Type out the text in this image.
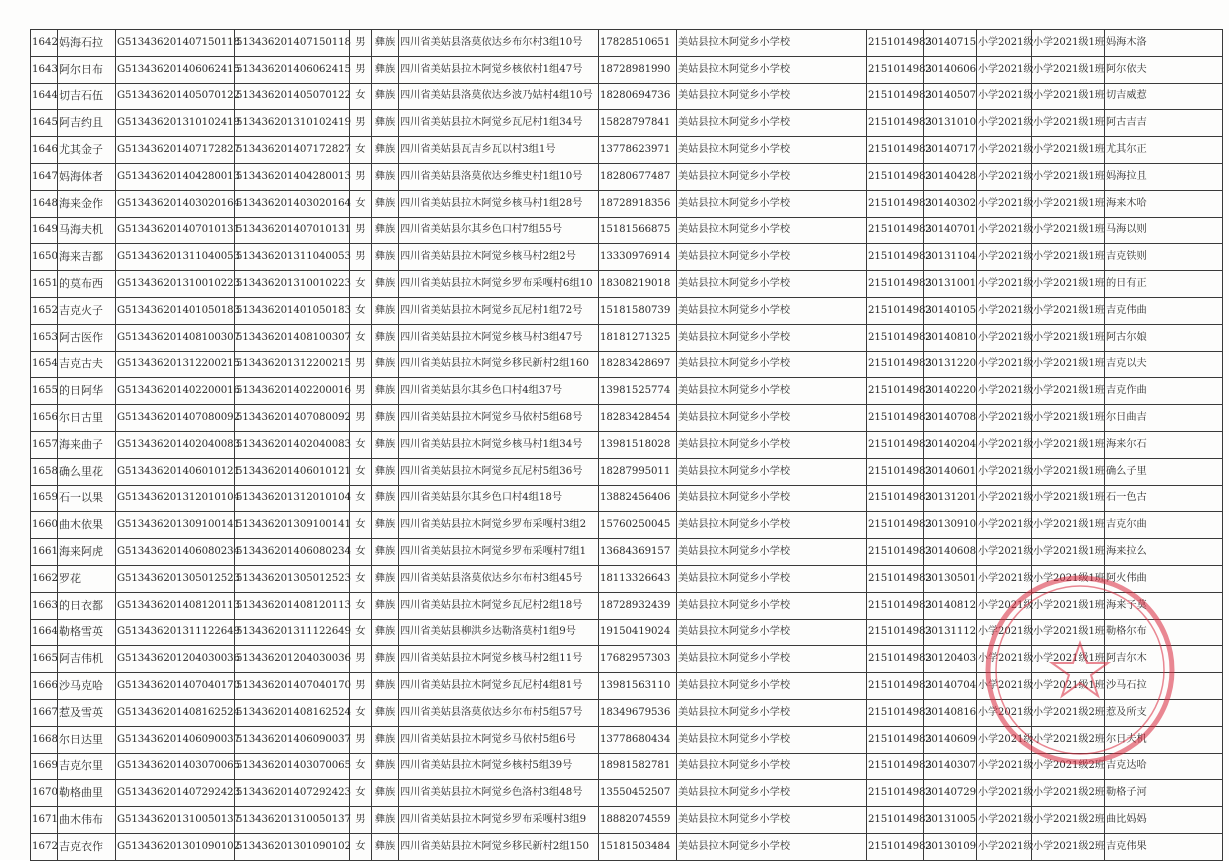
1642	妈海石拉	G513436201407150118	513436201407150118	男	彝族	四川省美姑县洛莫依达乡布尔村3组10号	17828510651	美姑县拉木阿觉乡小学校	2151014983	20140715	小学2021级	小学2021级1班	妈海木洛
1643	阿尔日布	G513436201406062415	513436201406062415	男	彝族	四川省美姑县拉木阿觉乡核依村1组47号	18728981990	美姑县拉木阿觉乡小学校	2151014983	20140606	小学2021级	小学2021级1班	阿尔依夫
1644	切吉石伍	G513436201405070122	513436201405070122	女	彝族	四川省美姑县洛莫依达乡波乃姑村4组10号	18280694736	美姑县拉木阿觉乡小学校	2151014983	20140507	小学2021级	小学2021级1班	切吉威惹
1645	阿吉约且	G513436201310102419	513436201310102419	男	彝族	四川省美姑县拉木阿觉乡瓦尼村1组34号	15828797841	美姑县拉木阿觉乡小学校	2151014983	20131010	小学2021级	小学2021级1班	阿古吉吉
1646	尤其金子	G513436201407172827	513436201407172827	女	彝族	四川省美姑县瓦吉乡瓦以村3组1号	13778623971	美姑县拉木阿觉乡小学校	2151014983	20140717	小学2021级	小学2021级1班	尤其尔正
1647	妈海体者	G513436201404280013	513436201404280013	男	彝族	四川省美姑县洛莫依达乡维史村1组10号	18280677487	美姑县拉木阿觉乡小学校	2151014983	20140428	小学2021级	小学2021级1班	妈海拉且
1648	海来金作	G513436201403020164	513436201403020164	女	彝族	四川省美姑县拉木阿觉乡核马村1组28号	18728918356	美姑县拉木阿觉乡小学校	2151014983	20140302	小学2021级	小学2021级1班	海来木哈
1649	马海夫机	G513436201407010131	513436201407010131	男	彝族	四川省美姑县尔其乡色口村7组55号	15181566875	美姑县拉木阿觉乡小学校	2151014983	20140701	小学2021级	小学2021级1班	马海以则
1650	海来吉都	G513436201311040053	513436201311040053	男	彝族	四川省美姑县拉木阿觉乡核马村2组2号	13330976914	美姑县拉木阿觉乡小学校	2151014983	20131104	小学2021级	小学2021级1班	吉克铁则
1651	的莫布西	G513436201310010223	513436201310010223	女	彝族	四川省美姑县拉木阿觉乡罗布采嘎村6组10	18308219018	美姑县拉木阿觉乡小学校	2151014983	20131001	小学2021级	小学2021级1班	的日有正
1652	吉克火子	G513436201401050183	513436201401050183	女	彝族	四川省美姑县拉木阿觉乡瓦尼村1组72号	15181580739	美姑县拉木阿觉乡小学校	2151014983	20140105	小学2021级	小学2021级1班	吉克伟曲
1653	阿古医作	G513436201408100307	513436201408100307	女	彝族	四川省美姑县拉木阿觉乡核马村3组47号	18181271325	美姑县拉木阿觉乡小学校	2151014983	20140810	小学2021级	小学2021级1班	阿古尔娘
1654	吉克古夫	G513436201312200215	513436201312200215	男	彝族	四川省美姑县拉木阿觉乡移民新村2组160	18283428697	美姑县拉木阿觉乡小学校	2151014983	20131220	小学2021级	小学2021级1班	吉克以夫
1655	的日阿华	G513436201402200016	513436201402200016	男	彝族	四川省美姑县尔其乡色口村4组37号	13981525774	美姑县拉木阿觉乡小学校	2151014983	20140220	小学2021级	小学2021级1班	吉克作曲
1656	尔日古里	G513436201407080092	513436201407080092	男	彝族	四川省美姑县拉木阿觉乡马依村5组68号	18283428454	美姑县拉木阿觉乡小学校	2151014983	20140708	小学2021级	小学2021级1班	尔日曲吉
1657	海来曲子	G513436201402040083	513436201402040083	女	彝族	四川省美姑县拉木阿觉乡核马村1组34号	13981518028	美姑县拉木阿觉乡小学校	2151014983	20140204	小学2021级	小学2021级1班	海来尔石
1658	确么里花	G513436201406010121	513436201406010121	女	彝族	四川省美姑县拉木阿觉乡瓦尼村5组36号	18287995011	美姑县拉木阿觉乡小学校	2151014983	20140601	小学2021级	小学2021级1班	确么子里
1659	石一以果	G513436201312010104	513436201312010104	女	彝族	四川省美姑县尔其乡色口村4组18号	13882456406	美姑县拉木阿觉乡小学校	2151014983	20131201	小学2021级	小学2021级1班	石一色古
1660	曲木依果	G513436201309100141	513436201309100141	女	彝族	四川省美姑县拉木阿觉乡罗布采嘎村3组2	15760250045	美姑县拉木阿觉乡小学校	2151014983	20130910	小学2021级	小学2021级1班	吉克尔曲
1661	海来阿虎	G513436201406080234	513436201406080234	女	彝族	四川省美姑县拉木阿觉乡罗布采嘎村7组1	13684369157	美姑县拉木阿觉乡小学校	2151014983	20140608	小学2021级	小学2021级1班	海来拉么
1662	罗花	G513436201305012523	513436201305012523	女	彝族	四川省美姑县洛莫依达乡尔布村3组45号	18113326643	美姑县拉木阿觉乡小学校	2151014983	20130501	小学2021级	小学2021级1班	阿火伟曲
1663	的日衣都	G513436201408120113	513436201408120113	女	彝族	四川省美姑县拉木阿觉乡瓦尼村2组18号	18728932439	美姑县拉木阿觉乡小学校	2151014983	20140812	小学2021级	小学2021级1班	海来子莫
1664	勒格雪英	G513436201311122649	513436201311122649	女	彝族	四川省美姑县柳洪乡达勒洛莫村1组9号	19150419024	美姑县拉木阿觉乡小学校	2151014983	20131112	小学2021级	小学2021级1班	勒格尔布
1665	阿吉伟机	G513436201204030036	513436201204030036	男	彝族	四川省美姑县拉木阿觉乡核马村2组11号	17682957303	美姑县拉木阿觉乡小学校	2151014983	20120403	小学2021级	小学2021级1班	阿吉尔木
1666	沙马克哈	G513436201407040170	513436201407040170	男	彝族	四川省美姑县拉木阿觉乡瓦尼村4组81号	13981563110	美姑县拉木阿觉乡小学校	2151014983	20140704	小学2021级	小学2021级1班	沙马石拉
1667	惹及雪英	G513436201408162524	513436201408162524	女	彝族	四川省美姑县洛莫依达乡尔布村5组57号	18349679536	美姑县拉木阿觉乡小学校	2151014983	20140816	小学2021级	小学2021级2班	惹及所支
1668	尔日达里	G513436201406090037	513436201406090037	男	彝族	四川省美姑县拉木阿觉乡马依村5组6号	13778680434	美姑县拉木阿觉乡小学校	2151014983	20140609	小学2021级	小学2021级2班	尔日夫机
1669	吉克尔里	G513436201403070065	513436201403070065	女	彝族	四川省美姑县拉木阿觉乡核村5组39号	18981582781	美姑县拉木阿觉乡小学校	2151014983	20140307	小学2021级	小学2021级2班	吉克达哈
1670	勒格曲里	G513436201407292423	513436201407292423	女	彝族	四川省美姑县拉木阿觉乡色洛村3组48号	13550452507	美姑县拉木阿觉乡小学校	2151014983	20140729	小学2021级	小学2021级2班	勒格子河
1671	曲木伟布	G513436201310050137	513436201310050137	男	彝族	四川省美姑县拉木阿觉乡罗布采嘎村3组9	18882074559	美姑县拉木阿觉乡小学校	2151014983	20131005	小学2021级	小学2021级2班	曲比妈妈
1672	吉克衣作	G513436201301090102	513436201301090102	女	彝族	四川省美姑县拉木阿觉乡移民新村2组150	15181503484	美姑县拉木阿觉乡小学校	2151014983	20130109	小学2021级	小学2021级2班	吉克伟果
